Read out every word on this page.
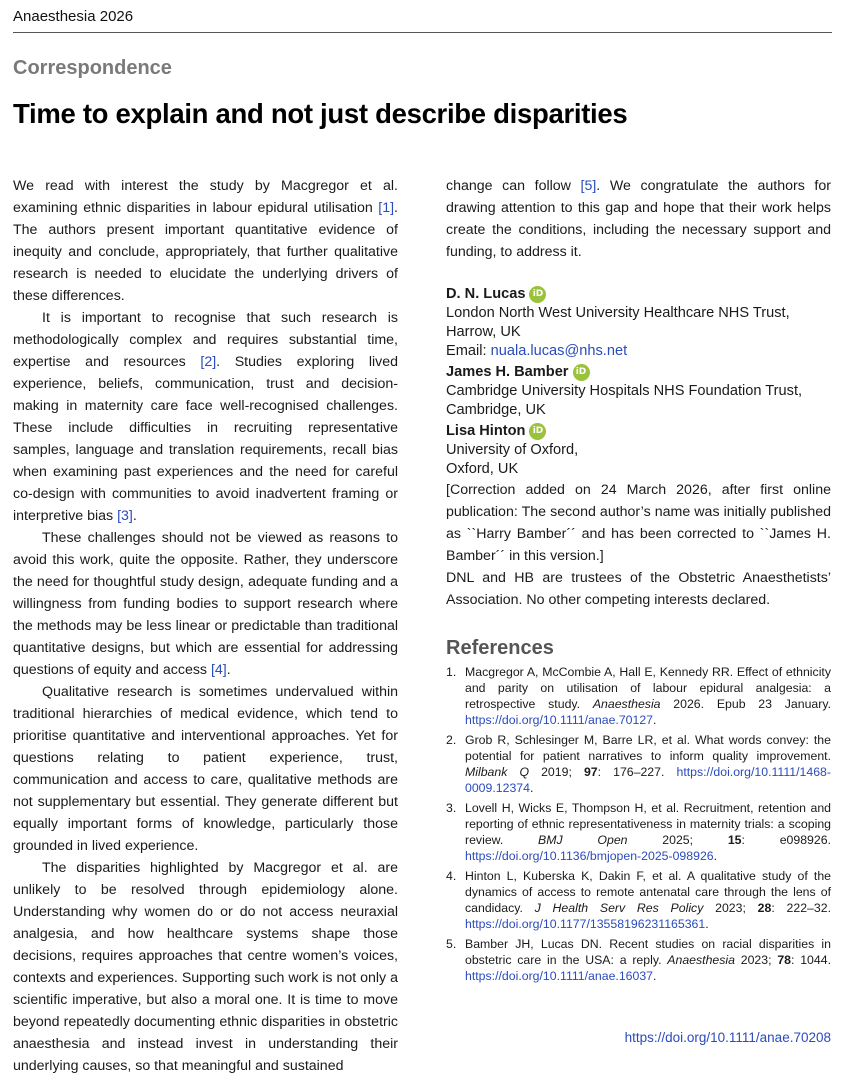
Anaesthesia 2026
Correspondence
Time to explain and not just describe disparities

We read with interest the study by Macgregor et al. examining ethnic disparities in labour epidural utilisation [1]. The authors present important quantitative evidence of inequity and conclude, appropriately, that further qualitative research is needed to elucidate the underlying drivers of these differences.

It is important to recognise that such research is methodologically complex and requires substantial time, expertise and resources [2]. Studies exploring lived experience, beliefs, communication, trust and decision-making in maternity care face well-recognised challenges. These include difficulties in recruiting representative samples, language and translation requirements, recall bias when examining past experiences and the need for careful co-design with communities to avoid inadvertent framing or interpretive bias [3].

These challenges should not be viewed as reasons to avoid this work, quite the opposite. Rather, they underscore the need for thoughtful study design, adequate funding and a willingness from funding bodies to support research where the methods may be less linear or predictable than traditional quantitative designs, but which are essential for addressing questions of equity and access [4].

Qualitative research is sometimes undervalued within traditional hierarchies of medical evidence, which tend to prioritise quantitative and interventional approaches. Yet for questions relating to patient experience, trust, communication and access to care, qualitative methods are not supplementary but essential. They generate different but equally important forms of knowledge, particularly those grounded in lived experience.

The disparities highlighted by Macgregor et al. are unlikely to be resolved through epidemiology alone. Understanding why women do or do not access neuraxial analgesia, and how healthcare systems shape those decisions, requires approaches that centre women’s voices, contexts and experiences. Supporting such work is not only a scientific imperative, but also a moral one. It is time to move beyond repeatedly documenting ethnic disparities in obstetric anaesthesia and instead invest in understanding their underlying causes, so that meaningful and sustained

change can follow [5]. We congratulate the authors for drawing attention to this gap and hope that their work helps create the conditions, including the necessary support and funding, to address it.

D. N. Lucas iD
London North West University Healthcare NHS Trust,
Harrow, UK
Email: nuala.lucas@nhs.net
James H. Bamber iD
Cambridge University Hospitals NHS Foundation Trust,
Cambridge, UK
Lisa Hinton iD
University of Oxford,
Oxford, UK

[Correction added on 24 March 2026, after first online publication: The second author’s name was initially published as ``Harry Bamber´´ and has been corrected to ``James H. Bamber´´ in this version.]

DNL and HB are trustees of the Obstetric Anaesthetists’ Association. No other competing interests declared.

References
1. Macgregor A, McCombie A, Hall E, Kennedy RR. Effect of ethnicity and parity on utilisation of labour epidural analgesia: a retrospective study. Anaesthesia 2026. Epub 23 January. https://doi.org/10.1111/anae.70127.
2. Grob R, Schlesinger M, Barre LR, et al. What words convey: the potential for patient narratives to inform quality improvement. Milbank Q 2019; 97: 176–227. https://doi.org/10.1111/1468-0009.12374.
3. Lovell H, Wicks E, Thompson H, et al. Recruitment, retention and reporting of ethnic representativeness in maternity trials: a scoping review. BMJ Open 2025; 15: e098926. https://doi.org/10.1136/bmjopen-2025-098926.
4. Hinton L, Kuberska K, Dakin F, et al. A qualitative study of the dynamics of access to remote antenatal care through the lens of candidacy. J Health Serv Res Policy 2023; 28: 222–32. https://doi.org/10.1177/13558196231165361.
5. Bamber JH, Lucas DN. Recent studies on racial disparities in obstetric care in the USA: a reply. Anaesthesia 2023; 78: 1044. https://doi.org/10.1111/anae.16037.
https://doi.org/10.1111/anae.70208
